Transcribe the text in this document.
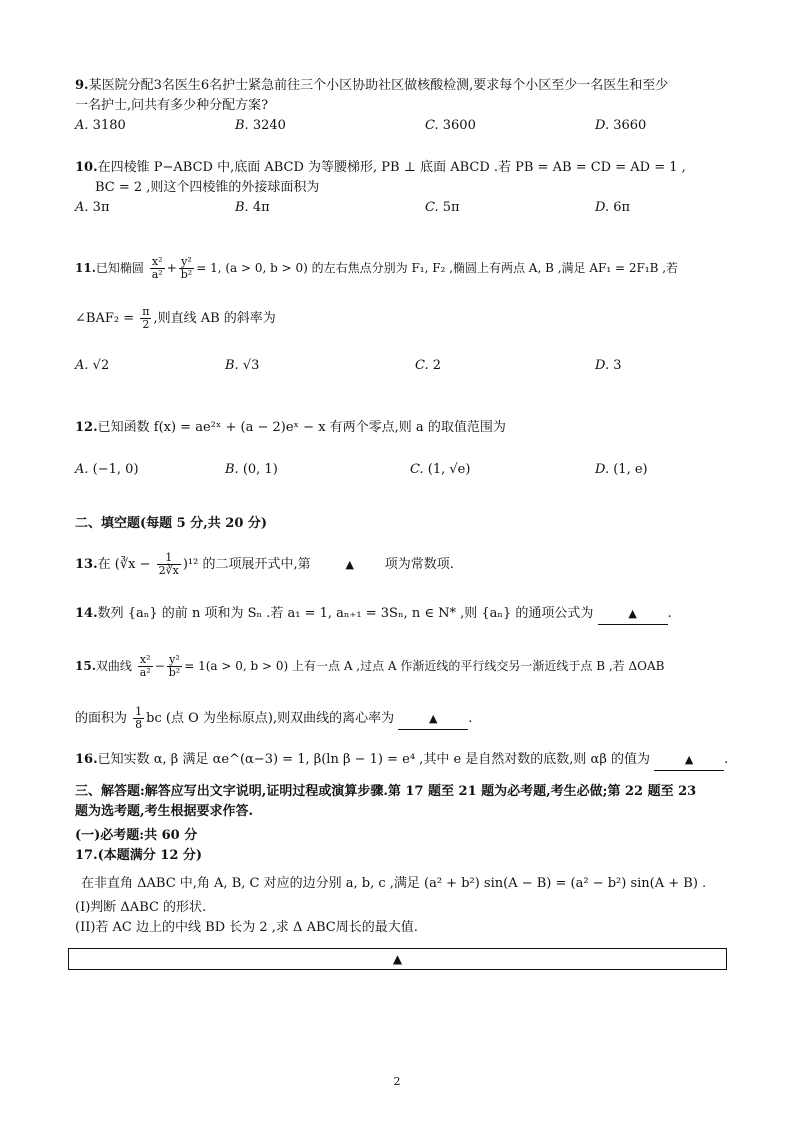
9.某医院分配3名医生6名护士紧急前往三个小区协助社区做核酸检测,要求每个小区至少一名医生和至少
一名护士,问共有多少种分配方案?
A. 3180	B. 3240	C. 3600	D. 3660
10.在四棱锥 P−ABCD 中,底面 ABCD 为等腰梯形, PB ⊥ 底面 ABCD .若 PB = AB = CD = AD = 1 ,
BC = 2 ,则这个四棱锥的外接球面积为
A. 3π	B. 4π	C. 5π	D. 6π
11.已知椭圆 $\frac{\text{x²}}{\text{a²}} + \frac{\text{y²}}{\text{b²}} = 1$, (a > 0, b > 0) 的左右焦点分别为 F₁, F₂ ,椭圆上有两点 A, B ,满足 AF₁ = 2F₁B ,若
∠BAF₂ = $\frac{\pi}{2}$ ,则直线 AB 的斜率为
A. √2	B. √3	C. 2	D. 3
12.已知函数 f(x) = ae²ˣ + (a − 2)eˣ − x 有两个零点,则 a 的取值范围为
A. (−1, 0)	B. (0, 1)	C. (1, √e)	D. (1, e)
二、填空题(每题 5 分,共 20 分)
13.在 (∛x − $\frac{1}{2∛x} )^{12}$ 的二项展开式中,第	▲ 项为常数项.
14.数列 {aₙ} 的前 n 项和为 Sₙ .若 a₁ = 1, aₙ₊₁ = 3Sₙ, n ∈ N* ,则 {aₙ} 的通项公式为	▲ .
15.双曲线 $\frac{\text{x²}}{\text{a²}} - \frac{\text{y²}}{\text{b²}} = 1(a > 0$, b > 0) 上有一点 A ,过点 A 作渐近线的平行线交另一渐近线于点 B ,若 ΔOAB
的面积为 $\frac{1}{8}$ bc (点 O 为坐标原点),则双曲线的离心率为	▲ .
16.已知实数 α, β 满足 αe^(α−3) = 1, β(ln β − 1) = e⁴ ,其中 e 是自然对数的底数,则 αβ 的值为	▲ .
三、解答题:解答应写出文字说明,证明过程或演算步骤.第 17 题至 21 题为必考题,考生必做;第 22 题至 23
题为选考题,考生根据要求作答.
(一)必考题:共 60 分
17.(本题满分 12 分)
在非直角 ΔABC 中,角 A, B, C 对应的边分别 a, b, c ,满足 (a² + b²) sin(A − B) = (a² − b²) sin(A + B) .
(I)判断 ΔABC 的形状.
(II)若 AC 边上的中线 BD 长为 2 ,求 Δ ABC周长的最大值.
▲
2
